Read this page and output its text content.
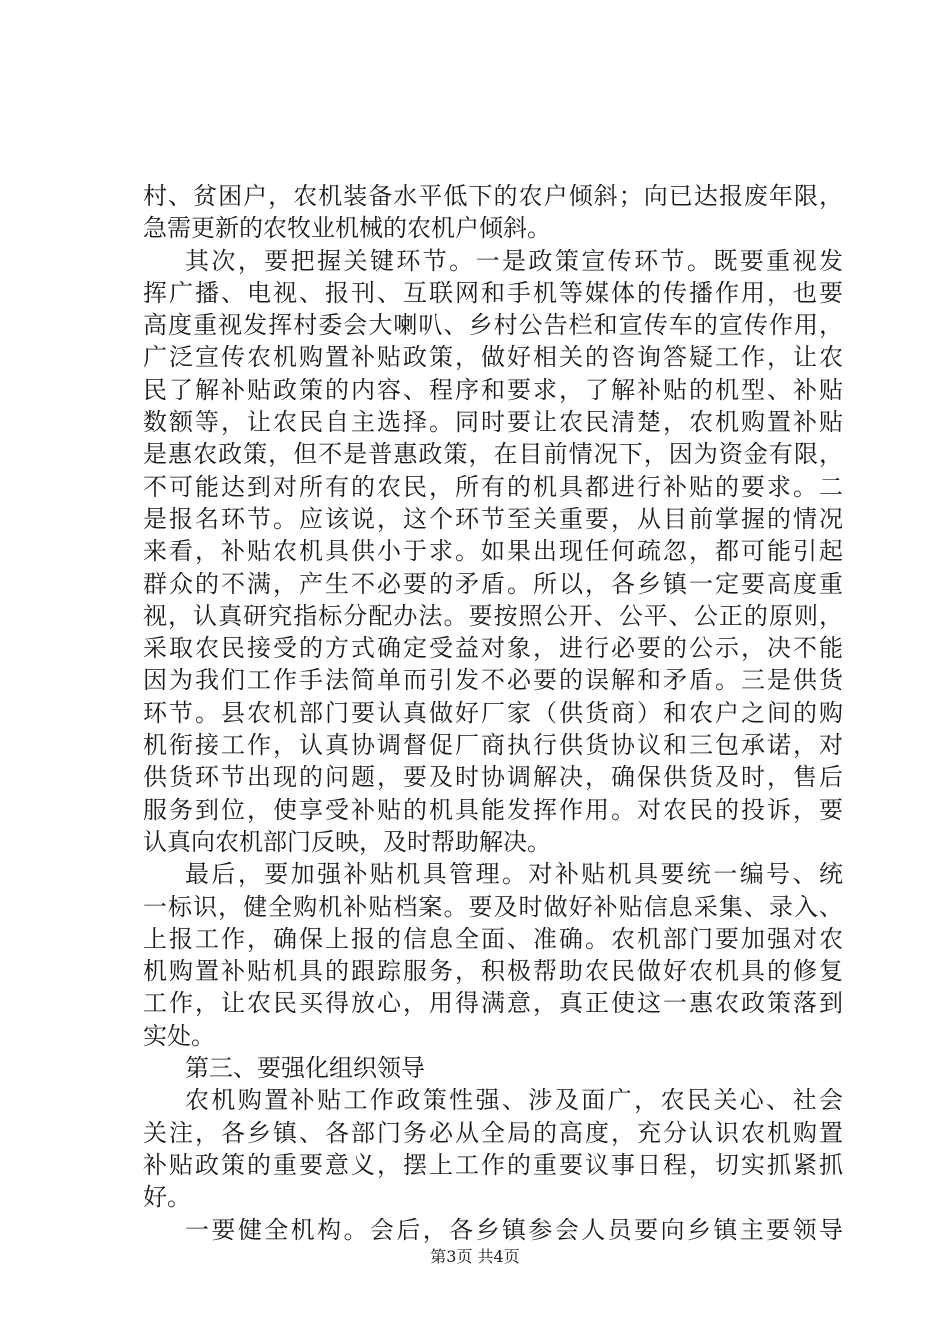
村、贫困户，农机装备水平低下的农户倾斜；向已达报废年限，
急需更新的农牧业机械的农机户倾斜。
其次，要把握关键环节。一是政策宣传环节。既要重视发
挥广播、电视、报刊、互联网和手机等媒体的传播作用，也要
高度重视发挥村委会大喇叭、乡村公告栏和宣传车的宣传作用，
广泛宣传农机购置补贴政策，做好相关的咨询答疑工作，让农
民了解补贴政策的内容、程序和要求，了解补贴的机型、补贴
数额等，让农民自主选择。同时要让农民清楚，农机购置补贴
是惠农政策，但不是普惠政策，在目前情况下，因为资金有限，
不可能达到对所有的农民，所有的机具都进行补贴的要求。二
是报名环节。应该说，这个环节至关重要，从目前掌握的情况
来看，补贴农机具供小于求。如果出现任何疏忽，都可能引起
群众的不满，产生不必要的矛盾。所以，各乡镇一定要高度重
视，认真研究指标分配办法。要按照公开、公平、公正的原则，
采取农民接受的方式确定受益对象，进行必要的公示，决不能
因为我们工作手法简单而引发不必要的误解和矛盾。三是供货
环节。县农机部门要认真做好厂家（供货商）和农户之间的购
机衔接工作，认真协调督促厂商执行供货协议和三包承诺，对
供货环节出现的问题，要及时协调解决，确保供货及时，售后
服务到位，使享受补贴的机具能发挥作用。对农民的投诉，要
认真向农机部门反映，及时帮助解决。
最后，要加强补贴机具管理。对补贴机具要统一编号、统
一标识，健全购机补贴档案。要及时做好补贴信息采集、录入、
上报工作，确保上报的信息全面、准确。农机部门要加强对农
机购置补贴机具的跟踪服务，积极帮助农民做好农机具的修复
工作，让农民买得放心，用得满意，真正使这一惠农政策落到
实处。
第三、要强化组织领导
农机购置补贴工作政策性强、涉及面广，农民关心、社会
关注，各乡镇、各部门务必从全局的高度，充分认识农机购置
补贴政策的重要意义，摆上工作的重要议事日程，切实抓紧抓
好。
一要健全机构。会后，各乡镇参会人员要向乡镇主要领导
第3页 共4页
